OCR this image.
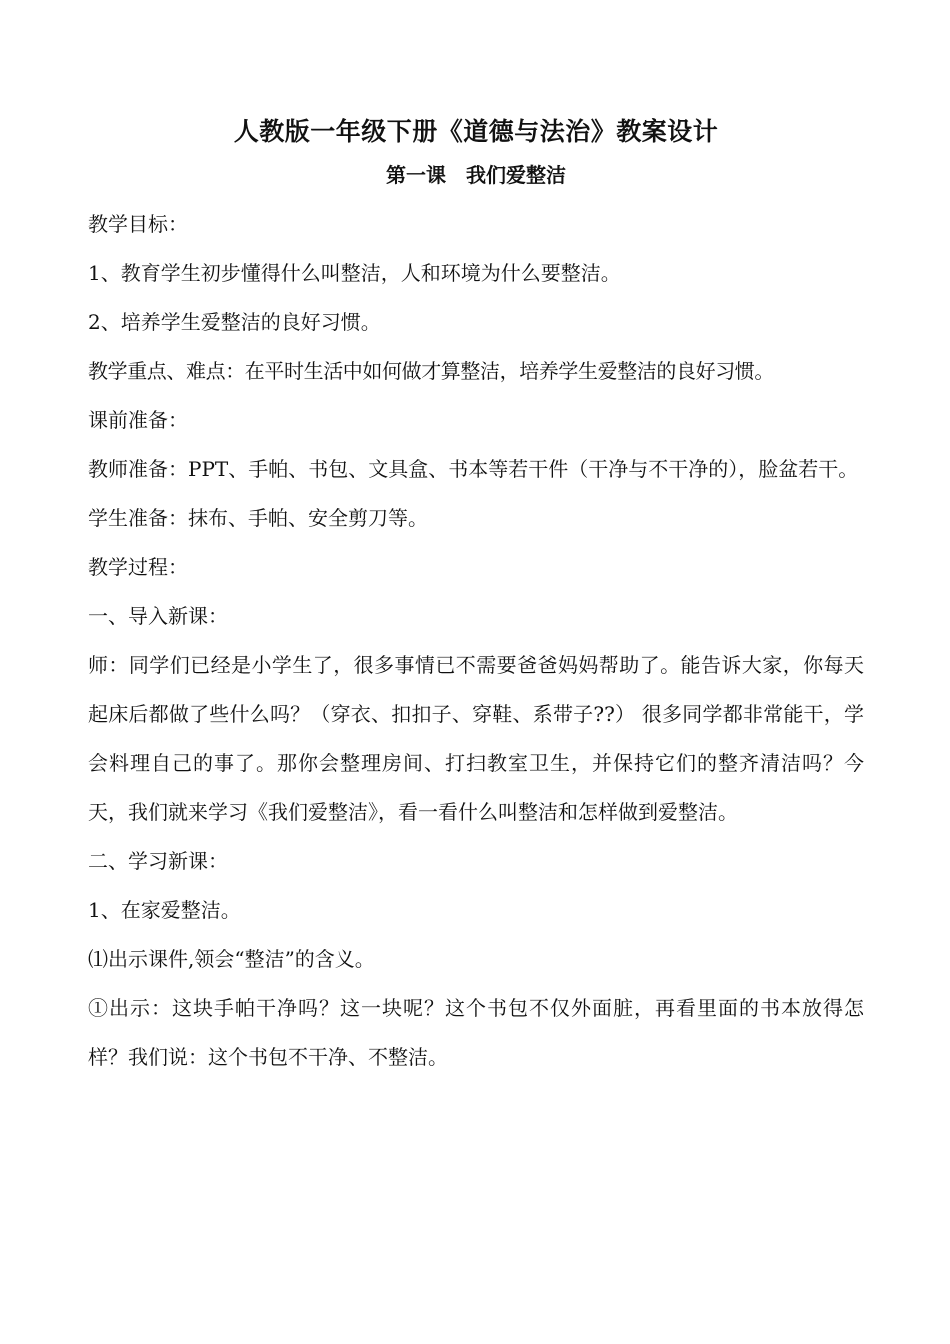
人教版一年级下册《道德与法治》教案设计
第一课　我们爱整洁

教学目标：

1、教育学生初步懂得什么叫整洁，人和环境为什么要整洁。

2、培养学生爱整洁的良好习惯。

教学重点、难点：在平时生活中如何做才算整洁，培养学生爱整洁的良好习惯。

课前准备：

教师准备：PPT、手帕、书包、文具盒、书本等若干件（干净与不干净的），脸盆若干。

学生准备：抹布、手帕、安全剪刀等。

教学过程：

一、导入新课：

师：同学们已经是小学生了，很多事情已不需要爸爸妈妈帮助了。能告诉大家，你每天起床后都做了些什么吗？（穿衣、扣扣子、穿鞋、系带子??） 很多同学都非常能干，学会料理自己的事了。那你会整理房间、打扫教室卫生，并保持它们的整齐清洁吗？今天，我们就来学习《我们爱整洁》，看一看什么叫整洁和怎样做到爱整洁。

二、学习新课：

1、在家爱整洁。

⑴出示课件,领会“整洁”的含义。

①出示：这块手帕干净吗？这一块呢？这个书包不仅外面脏，再看里面的书本放得怎样？我们说：这个书包不干净、不整洁。
